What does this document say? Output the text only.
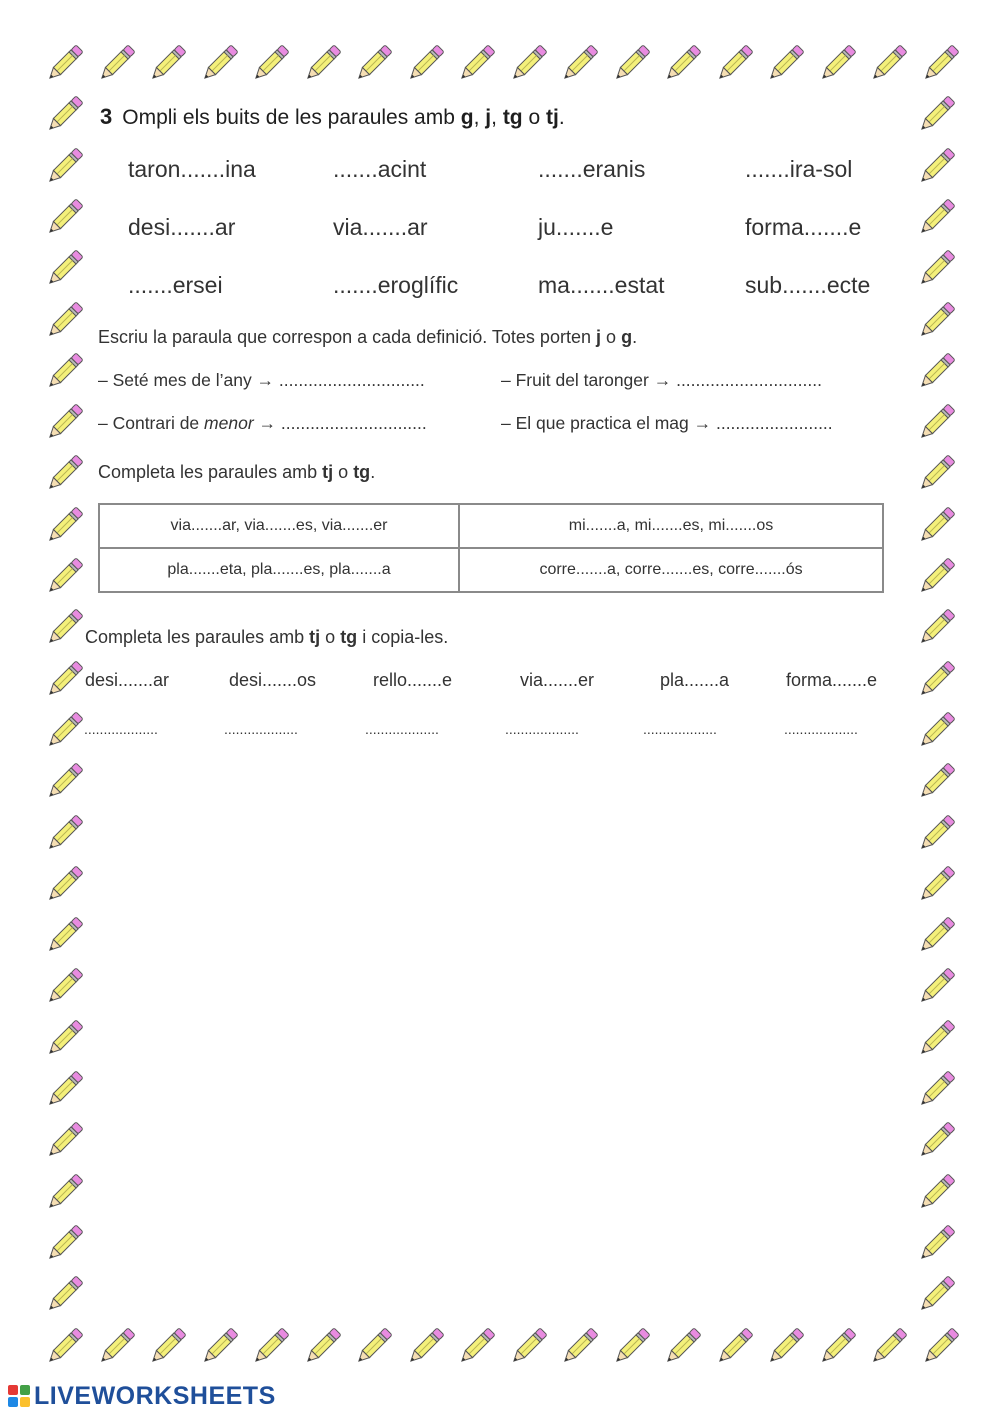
3 Ompli els buits de les paraules amb g, j, tg o tj.
taron.......ina	.......acint	.......eranis	.......ira-sol
desi.......ar	via.......ar	ju.......e	forma.......e
.......ersei	.......eroglífic	ma.......estat	sub.......ecte
Escriu la paraula que correspon a cada definició. Totes porten j o g.
– Seté mes de l’any → ..............................	– Fruit del taronger → ..............................
– Contrari de menor → ..............................	– El que practica el mag → ........................
Completa les paraules amb tj o tg.
via.......ar, via.......es, via.......er	mi.......a, mi.......es, mi.......os
pla.......eta, pla.......es, pla.......a	corre.......a, corre.......es, corre.......ós
Completa les paraules amb tj o tg i copia-les.
desi.......ar	desi.......os	rello.......e	via.......er	pla.......a	forma.......e
...................	...................	...................	...................	...................	...................
LIVEWORKSHEETS
